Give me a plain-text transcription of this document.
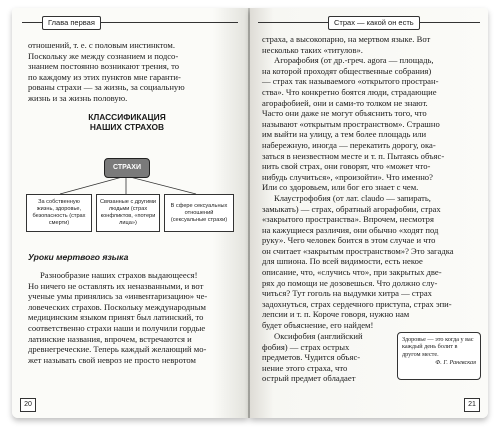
Глава первая

отношений, т. е. с половым инстинктом.

Поскольку же между сознанием и подсо-

знанием постоянно возникают трения, то

по каждому из этих пунктов мне гаранти-

рованы страхи — за жизнь, за социальную

жизнь и за жизнь половую.

КЛАССИФИКАЦИЯ
НАШИХ СТРАХОВ
СТРАХИ
За собственную жизнь, здоровье, безопасность (страх смерти)
Связанные с другими людьми (страх конфликтов, «потери лица»)
В сфере сексуальных отношений (сексуальные страхи)
Уроки мертвого языка

Разнообразие наших страхов выдающееся!

Но ничего не оставлять их неназванными, и вот

ученые умы принялись за «инвентаризацию» че-

ловеческих страхов. Поскольку международным

медицинским языком принят был латинский, то

соответственно страхи наши и получили гордые

латинские названия, впрочем, встречаются и

древнегреческие. Теперь каждый желающий мо-

жет называть свой невроз не просто невротом

20
Страх — какой он есть

страха, а высокопарно, на мертвом языке. Вот

несколько таких «титулов».

Агорафобия (от др.-греч. agora — площадь,

на которой проходят общественные собрания)

— страх так называемого «открытого простран-

ства». Что конкретно боятся люди, страдающие

агорафобией, они и сами-то толком не знают.

Часто они даже не могут объяснить того, что

называют «открытым пространством». Страшно

им выйти на улицу, а тем более площадь или

набережную, иногда — перекатить дорогу, ока-

заться в неизвестном месте и т. п. Пытаясь объяс-

нить свой страх, они говорят, что «может что-

нибудь случиться», «произойти». Что именно?

Или со здоровьем, или бог его знает с чем.

Клаустрофобия (от лат. claudo — запирать,

замыкать) — страх, обратный агорафобии, страх

«закрытого пространства». Впрочем, несмотря

на кажущиеся различия, они обычно «ходят под

руку». Чего человек боится в этом случае и что

он считает «закрытым пространством»? Это загадка

для шпиона. По всей видимости, есть некое

описание, что, «случись что», при закрытых две-

рях до помощи не дозовешься. Что должно слу-

читься? Тут гоголь на выдумки хитра — страх

задохнуться, страх сердечного приступа, страх эпи-

лепсии и т. п. Короче говоря, нужно нам

будет объяснение, его найдем!

Оксифобия (английский

фобия) — страх острых

предметов. Чудится объяс-

нение этого страха, что

острый предмет обладает

Здоровье — это когда у вас каждый день болит в другом месте.
Ф. Г. Раневская
21
